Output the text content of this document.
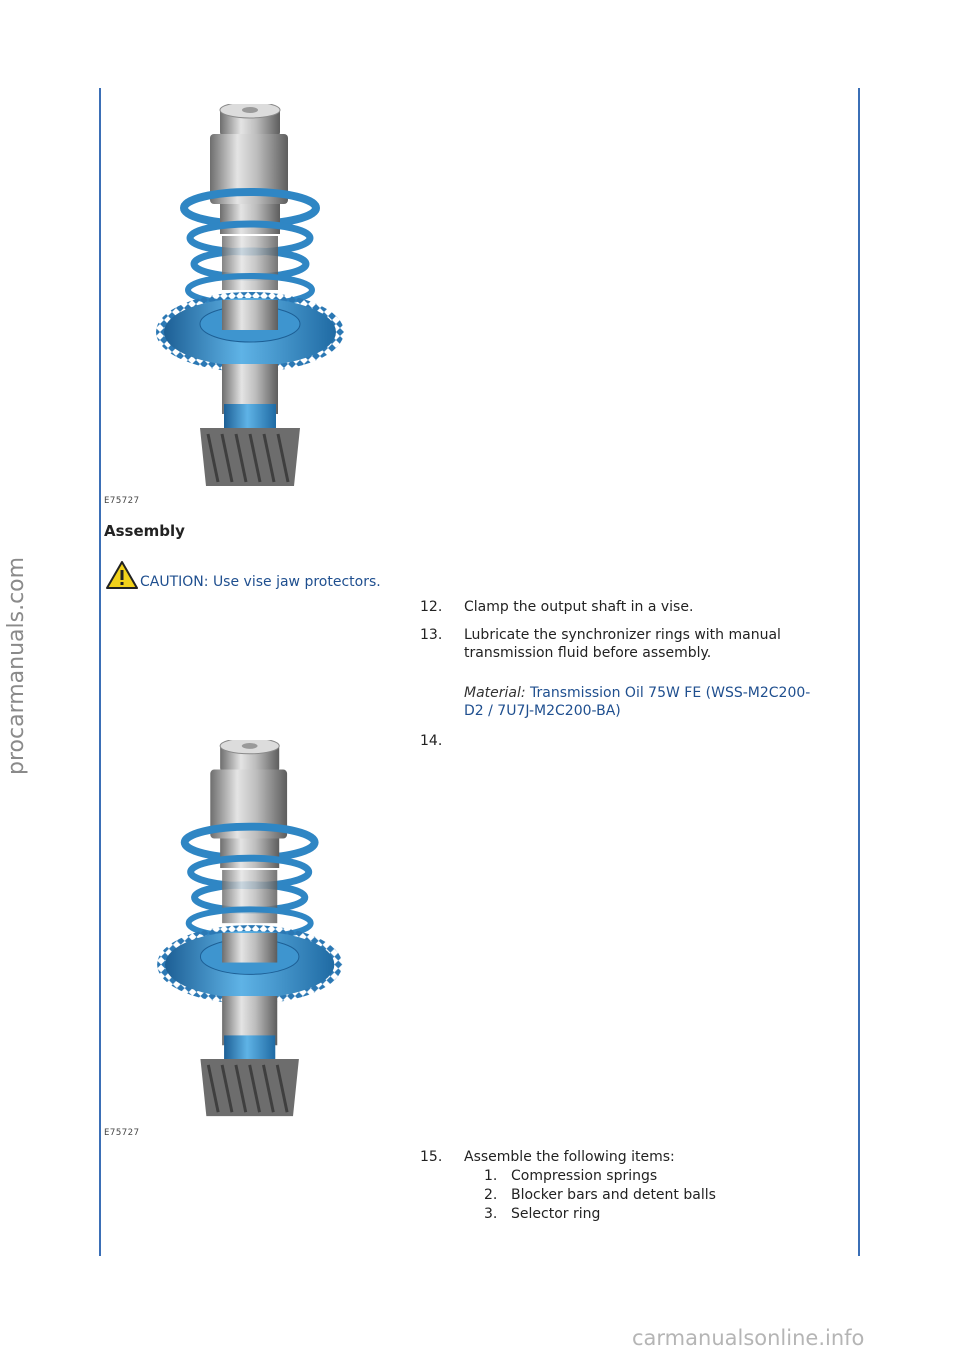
procarmanuals.com
carmanualsonline.info
E75727
Assembly
CAUTION: Use vise jaw protectors.
12.	Clamp the output shaft in a vise.
13.	Lubricate the synchronizer rings with manual transmission fluid before assembly.
Material: Transmission Oil 75W FE (WSS-M2C200-D2 / 7U7J-M2C200-BA)
14.
E75727
15.	Assemble the following items:
1. Compression springs
2. Blocker bars and detent balls
3. Selector ring
